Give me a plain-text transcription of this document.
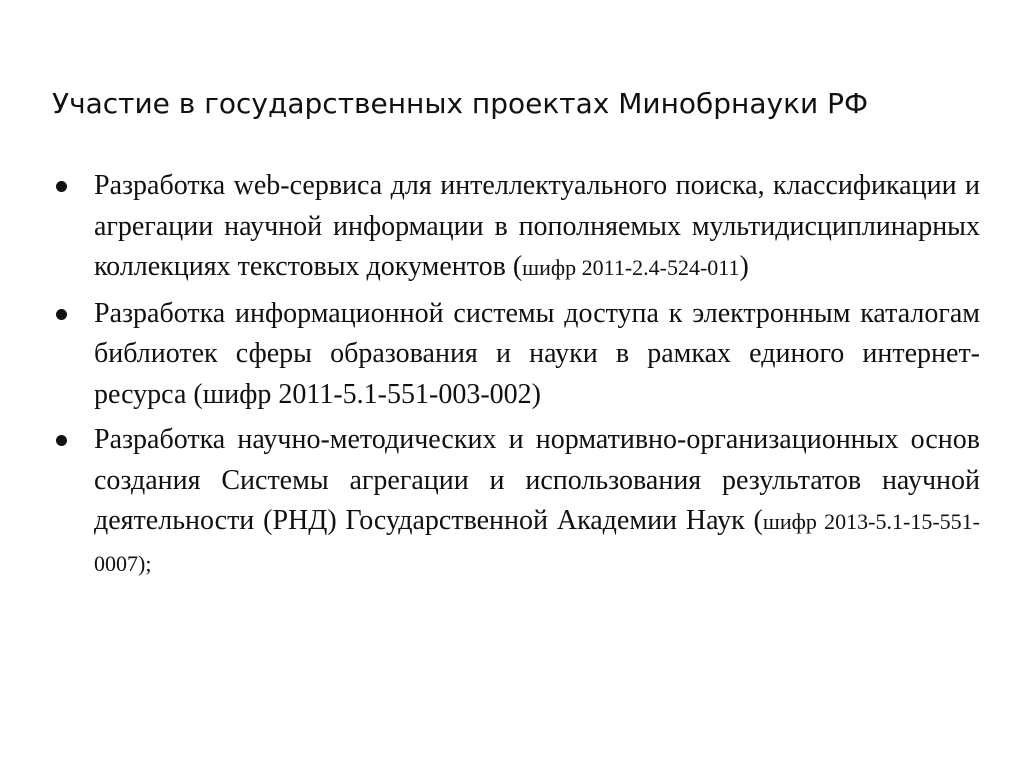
Участие в государственных проектах Минобрнауки РФ
Разработка web-сервиса для интеллектуального поиска, классификации и агрегации научной информации в пополняемых мультидисциплинарных коллекциях текстовых документов (шифр 2011-2.4-524-011)
Разработка информационной системы доступа к электронным каталогам библиотек сферы образования и науки в рамках единого интернет-ресурса (шифр 2011-5.1-551-003-002)
Разработка научно-методических и нормативно-организационных основ создания Системы агрегации и использования результатов научной деятельности (РНД) Государственной Академии Наук (шифр 2013-5.1-15-551-0007);
